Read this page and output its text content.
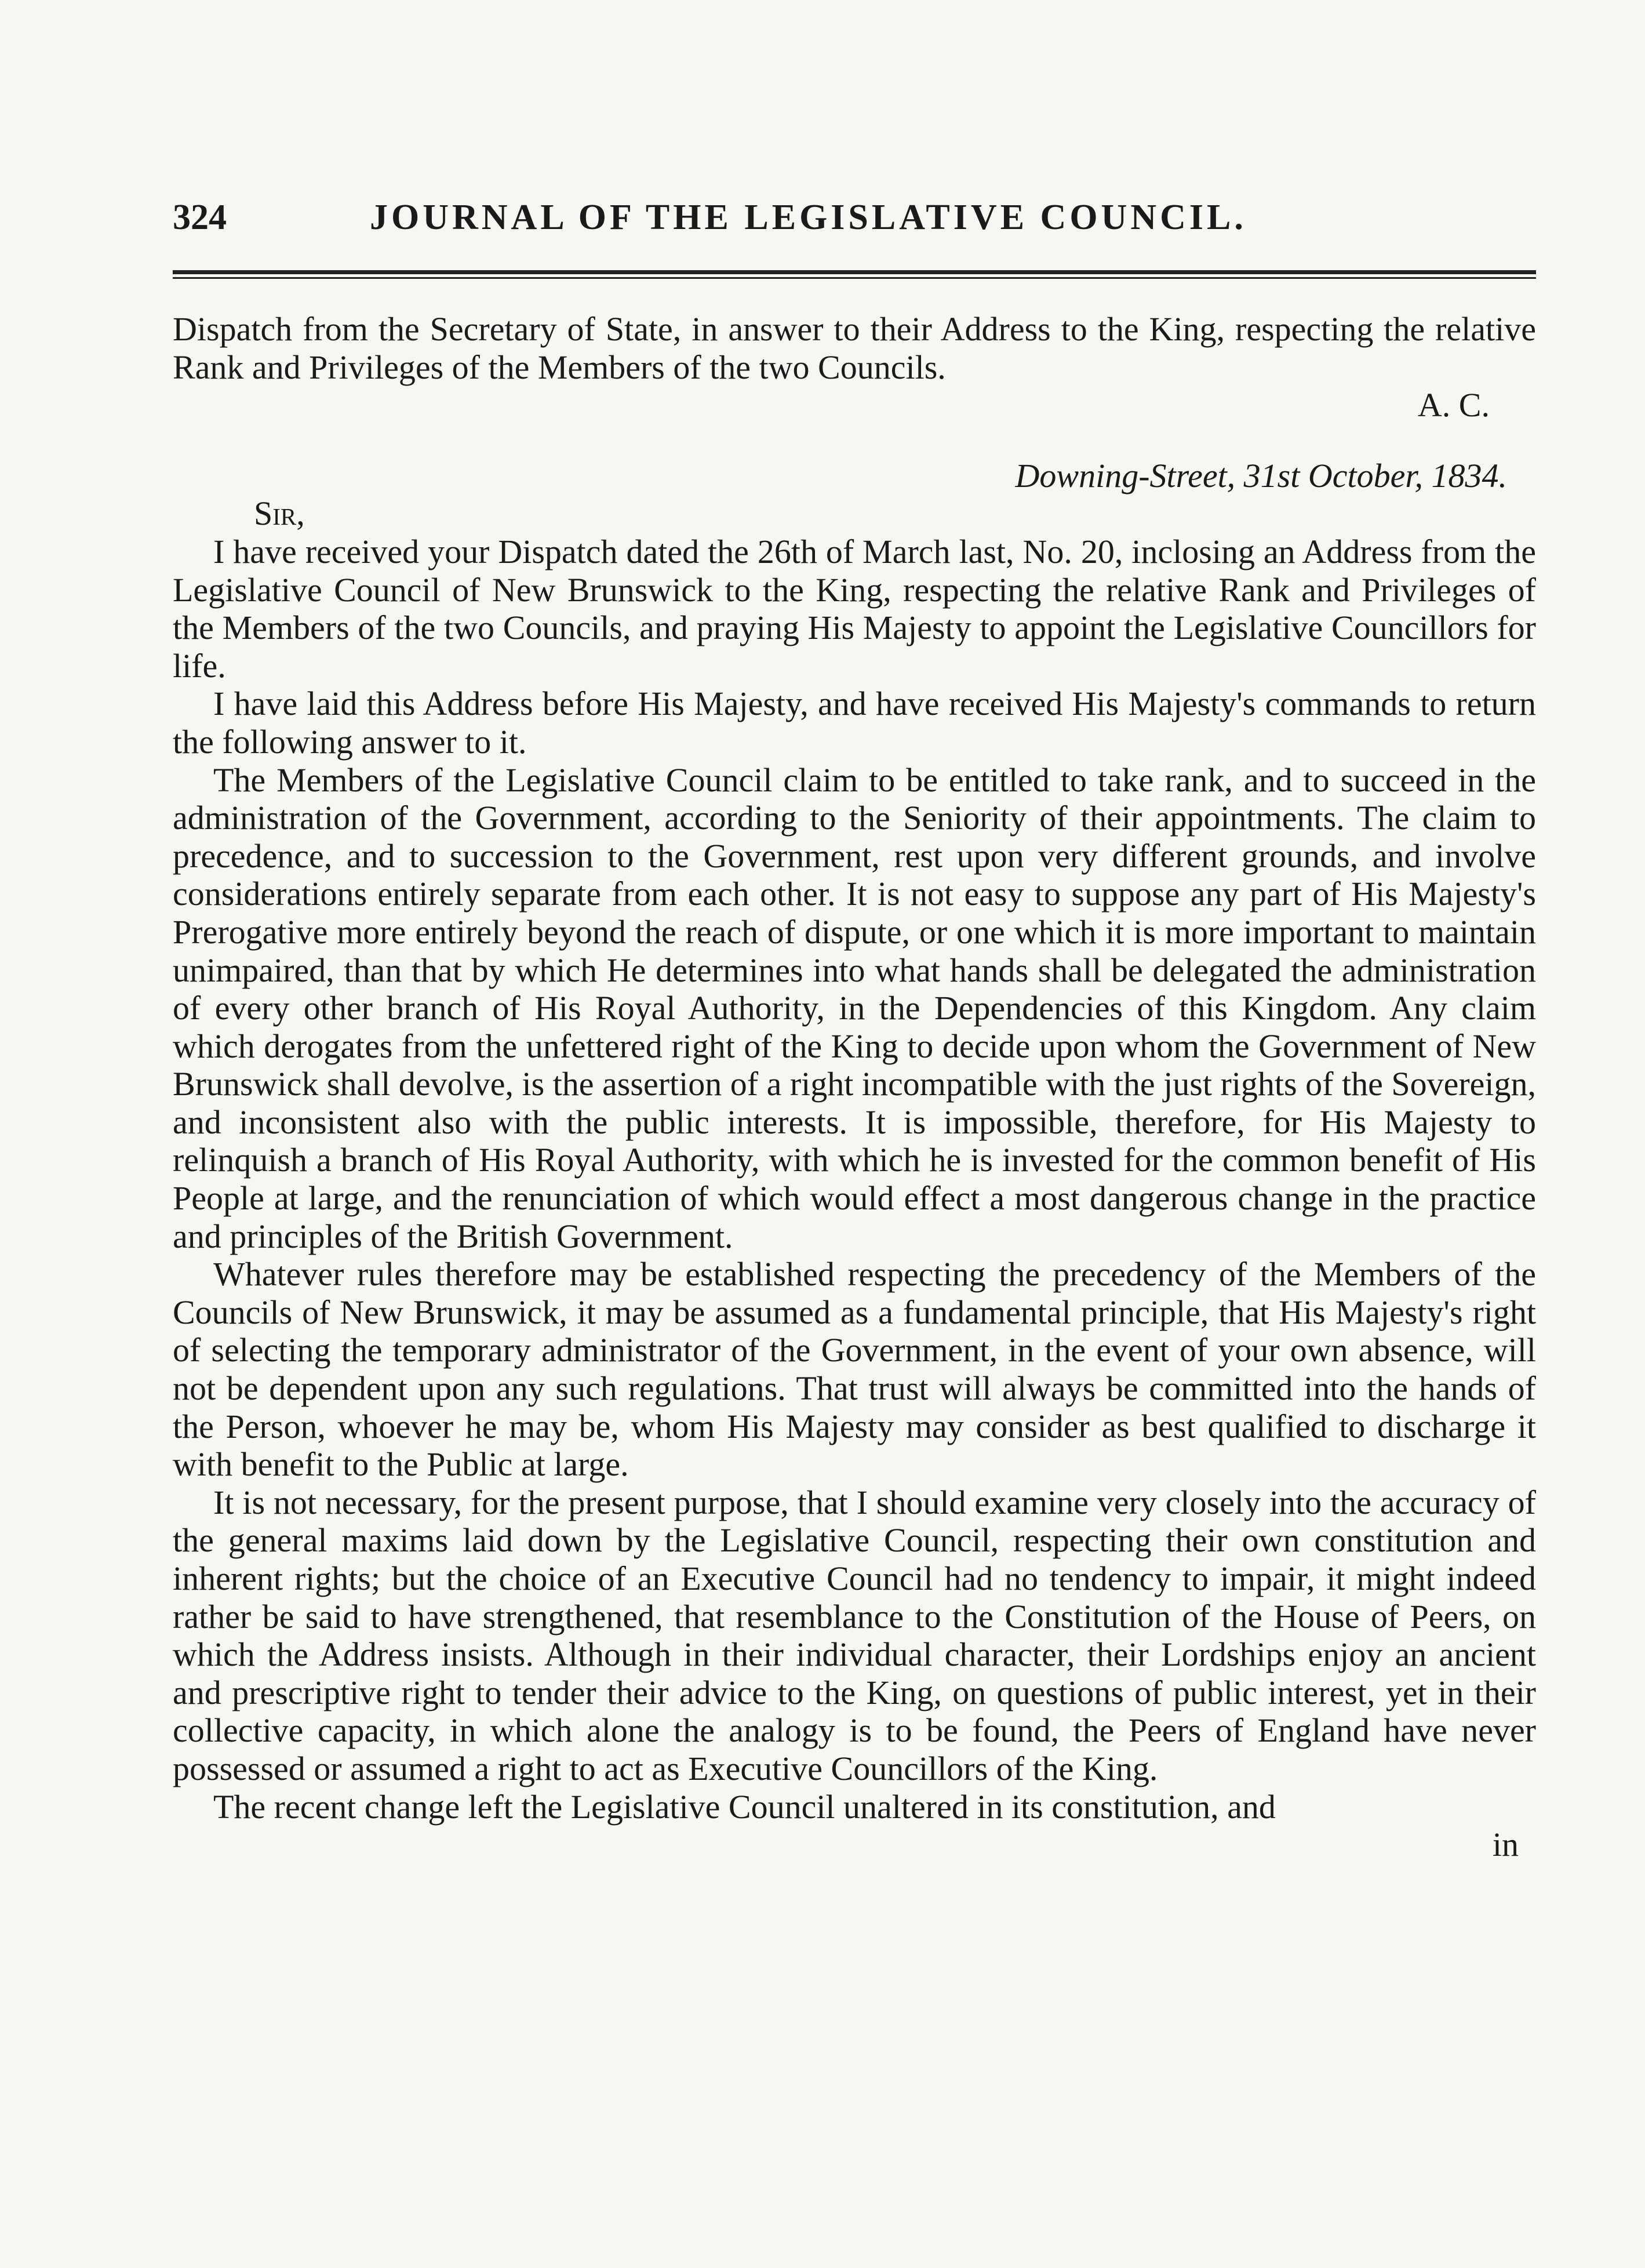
324	JOURNAL OF THE LEGISLATIVE COUNCIL.

Dispatch from the Secretary of State, in answer to their Address to the King, respecting the relative Rank and Privileges of the Members of the two Councils.

A. C.
Downing-Street, 31st October, 1834.
Sir,

I have received your Dispatch dated the 26th of March last, No. 20, inclosing an Address from the Legislative Council of New Brunswick to the King, respecting the relative Rank and Privileges of the Members of the two Councils, and praying His Majesty to appoint the Legislative Councillors for life.

I have laid this Address before His Majesty, and have received His Majesty's commands to return the following answer to it.

The Members of the Legislative Council claim to be entitled to take rank, and to succeed in the administration of the Government, according to the Seniority of their appointments. The claim to precedence, and to succession to the Government, rest upon very different grounds, and involve considerations entirely separate from each other. It is not easy to suppose any part of His Majesty's Prerogative more entirely beyond the reach of dispute, or one which it is more important to maintain unimpaired, than that by which He determines into what hands shall be delegated the administration of every other branch of His Royal Authority, in the Dependencies of this Kingdom. Any claim which derogates from the unfettered right of the King to decide upon whom the Government of New Brunswick shall devolve, is the assertion of a right incompatible with the just rights of the Sovereign, and inconsistent also with the public interests. It is impossible, therefore, for His Majesty to relinquish a branch of His Royal Authority, with which he is invested for the common benefit of His People at large, and the renunciation of which would effect a most dangerous change in the practice and principles of the British Government.

Whatever rules therefore may be established respecting the precedency of the Members of the Councils of New Brunswick, it may be assumed as a fundamental principle, that His Majesty's right of selecting the temporary administrator of the Government, in the event of your own absence, will not be dependent upon any such regulations. That trust will always be committed into the hands of the Person, whoever he may be, whom His Majesty may consider as best qualified to discharge it with benefit to the Public at large.

It is not necessary, for the present purpose, that I should examine very closely into the accuracy of the general maxims laid down by the Legislative Council, respecting their own constitution and inherent rights; but the choice of an Executive Council had no tendency to impair, it might indeed rather be said to have strengthened, that resemblance to the Constitution of the House of Peers, on which the Address insists. Although in their individual character, their Lordships enjoy an ancient and prescriptive right to tender their advice to the King, on questions of public interest, yet in their collective capacity, in which alone the analogy is to be found, the Peers of England have never possessed or assumed a right to act as Executive Councillors of the King.

The recent change left the Legislative Council unaltered in its constitution, and

in
